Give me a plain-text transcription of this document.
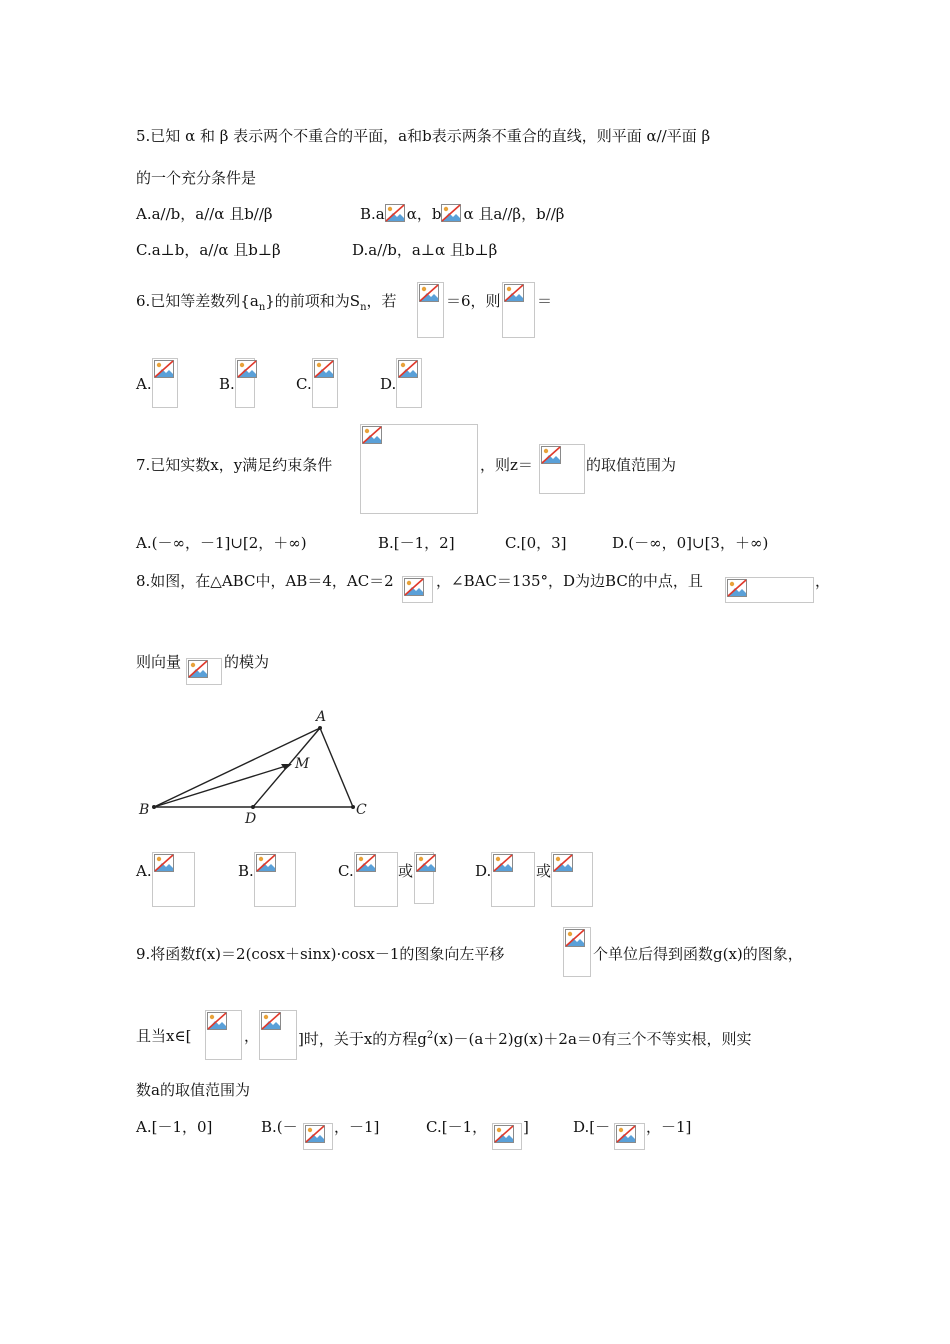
5.已知 α 和 β 表示两个不重合的平面，a和b表示两条不重合的直线，则平面 α//平面 β
的一个充分条件是
A.a//b，a//α 且b//β	B.a α，b α 且a//β，b//β
C.a⊥b，a//α 且b⊥β	D.a//b，a⊥α 且b⊥β
6.已知等差数列$\{a_n\}$的前项和为$S_n$，若	＝6，则 ＝
A.	B.	C.	D.
7.已知实数x，y满足约束条件	，则z＝	的取值范围为
A.(－∞，－1]∪[2，＋∞)	B.[－1，2]	C.[0，3]	D.(－∞，0]∪[3，＋∞)
8.如图，在△ABC中，AB＝4，AC＝2	，∠BAC＝135°，D为边BC的中点，且	，
则向量	的模为
A
B	C
D
M
A.	B.	C.	或	D.	或
9.将函数f(x)＝2(cosx＋sinx)·cosx－1的图象向左平移	个单位后得到函数g(x)的图象，
且当x∈[	，	]时，关于x的方程$g^2(x)-(a+2)g(x)+2a=0$有三个不等实根，则实
数a的取值范围为
A.[－1，0]	B.(－ ，－1]	C.[－1， ]	D.[－ ，－1]
